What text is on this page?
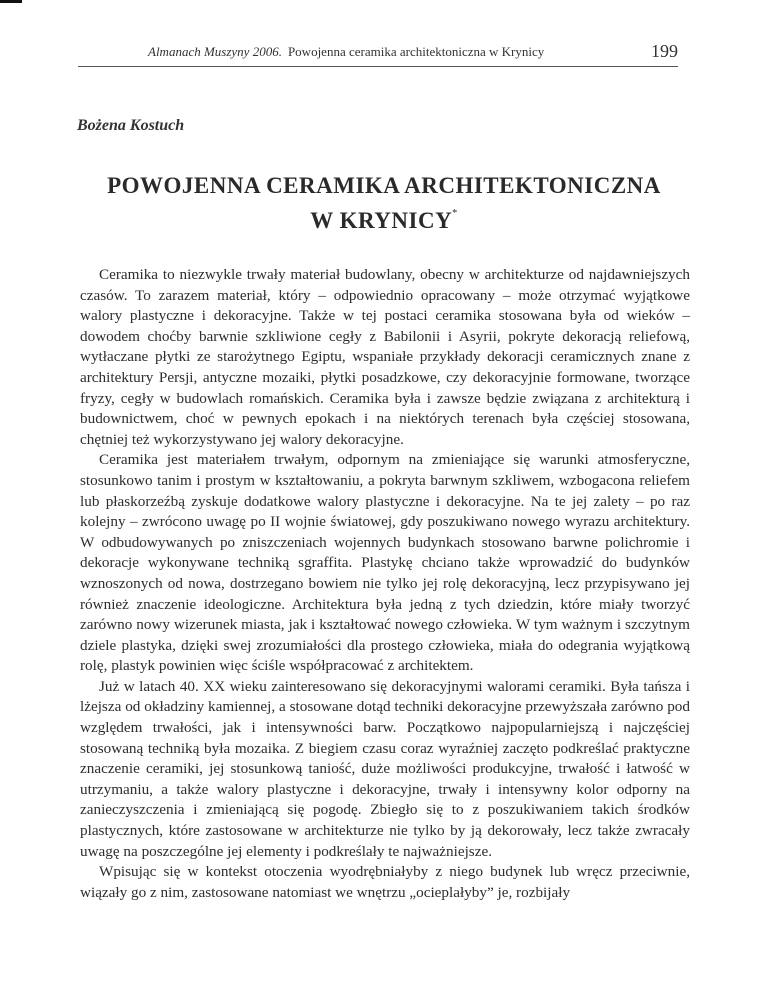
Almanach Muszyny 2006. Powojenna ceramika architektoniczna w Krynicy	199
Bożena Kostuch
POWOJENNA CERAMIKA ARCHITEKTONICZNA
W KRYNICY*

Ceramika to niezwykle trwały materiał budowlany, obecny w architekturze od najdawniejszych czasów. To zarazem materiał, który – odpowiednio opracowany – może otrzymać wyjątkowe walory plastyczne i dekoracyjne. Także w tej postaci ceramika stosowana była od wieków – dowodem choćby barwnie szkliwione cegły z Babilonii i Asyrii, pokryte dekoracją reliefową, wytłaczane płytki ze starożytnego Egiptu, wspaniałe przykłady dekoracji ceramicznych znane z architektury Persji, antyczne mozaiki, płytki posadzkowe, czy dekoracyjnie formowane, tworzące fryzy, cegły w budowlach romańskich. Ceramika była i zawsze będzie związana z architekturą i budownictwem, choć w pewnych epokach i na niektórych terenach była częściej stosowana, chętniej też wykorzystywano jej walory dekoracyjne.

Ceramika jest materiałem trwałym, odpornym na zmieniające się warunki atmosferyczne, stosunkowo tanim i prostym w kształtowaniu, a pokryta barwnym szkliwem, wzbogacona reliefem lub płaskorzeźbą zyskuje dodatkowe walory plastyczne i dekoracyjne. Na te jej zalety – po raz kolejny – zwrócono uwagę po II wojnie światowej, gdy poszukiwano nowego wyrazu architektury. W odbudowywanych po zniszczeniach wojennych budynkach stosowano barwne polichromie i dekoracje wykonywane techniką sgraffita. Plastykę chciano także wprowadzić do budynków wznoszonych od nowa, dostrzegano bowiem nie tylko jej rolę dekoracyjną, lecz przypisywano jej również znaczenie ideologiczne. Architektura była jedną z tych dziedzin, które miały tworzyć zarówno nowy wizerunek miasta, jak i kształtować nowego człowieka. W tym ważnym i szczytnym dziele plastyka, dzięki swej zrozumiałości dla prostego człowieka, miała do odegrania wyjątkową rolę, plastyk powinien więc ściśle współpracować z architektem.

Już w latach 40. XX wieku zainteresowano się dekoracyjnymi walorami ceramiki. Była tańsza i lżejsza od okładziny kamiennej, a stosowane dotąd techniki dekoracyjne przewyższała zarówno pod względem trwałości, jak i intensywności barw. Początkowo najpopularniejszą i najczęściej stosowaną techniką była mozaika. Z biegiem czasu coraz wyraźniej zaczęto podkreślać praktyczne znaczenie ceramiki, jej stosunkową taniość, duże możliwości produkcyjne, trwałość i łatwość w utrzymaniu, a także walory plastyczne i dekoracyjne, trwały i intensywny kolor odporny na zanieczyszczenia i zmieniającą się pogodę. Zbiegło się to z poszukiwaniem takich środków plastycznych, które zastosowane w architekturze nie tylko by ją dekorowały, lecz także zwracały uwagę na poszczególne jej elementy i podkreślały te najważniejsze.

Wpisując się w kontekst otoczenia wyodrębniałyby z niego budynek lub wręcz przeciwnie, wiązały go z nim, zastosowane natomiast we wnętrzu „ocieplałyby” je, rozbijały
